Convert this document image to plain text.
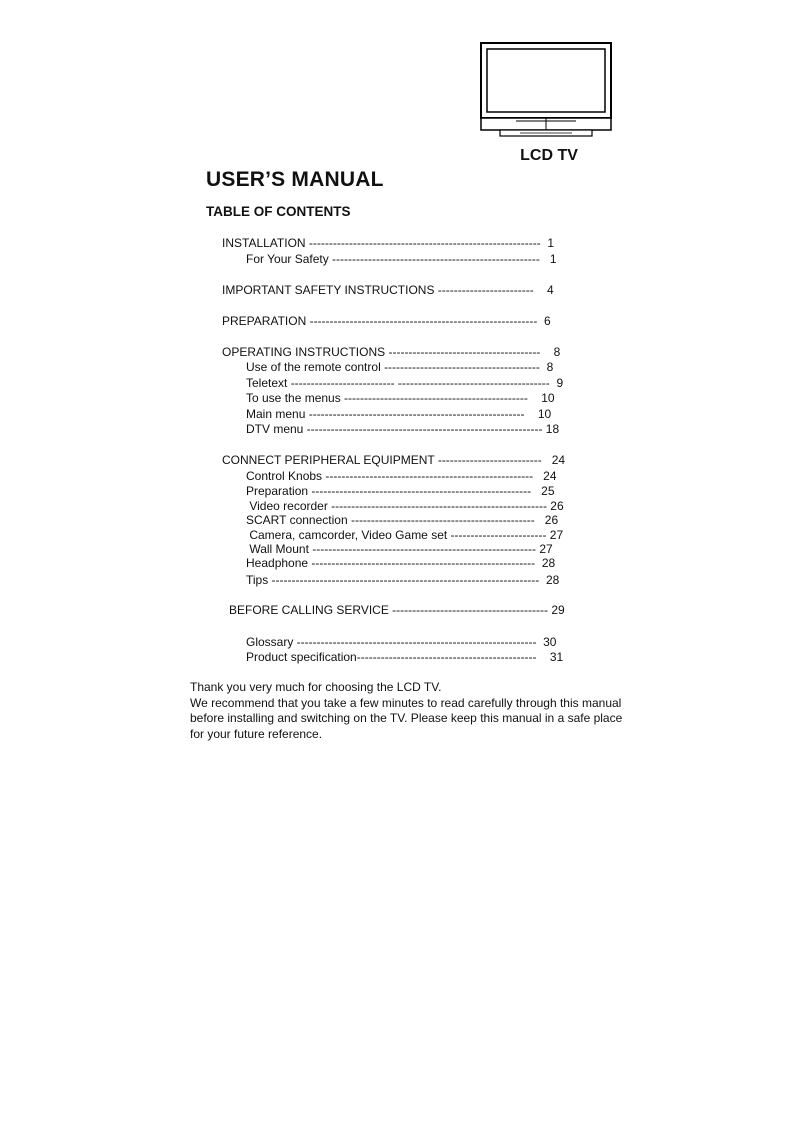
LCD TV
USER’S MANUAL
TABLE OF CONTENTS
INSTALLATION ----------------------------------------------------------  1
For Your Safety ----------------------------------------------------   1
IMPORTANT SAFETY INSTRUCTIONS ------------------------    4
PREPARATION ---------------------------------------------------------  6
OPERATING INSTRUCTIONS --------------------------------------    8
Use of the remote control ---------------------------------------  8
Teletext -------------------------- --------------------------------------  9
To use the menus ----------------------------------------------    10
Main menu ------------------------------------------------------    10
DTV menu ----------------------------------------------------------- 18
CONNECT PERIPHERAL EQUIPMENT --------------------------   24
Control Knobs ----------------------------------------------------   24
Preparation -------------------------------------------------------   25
Video recorder ------------------------------------------------------ 26
SCART connection ----------------------------------------------   26
Camera, camcorder, Video Game set ------------------------ 27
Wall Mount -------------------------------------------------------- 27
Headphone --------------------------------------------------------  28
Tips -------------------------------------------------------------------  28
BEFORE CALLING SERVICE --------------------------------------- 29
Glossary ------------------------------------------------------------  30
Product specification---------------------------------------------    31

Thank you very much for choosing the LCD TV.

We recommend that you take a few minutes to read carefully through this manual

before installing and switching on the TV. Please keep this manual in a safe place

for your future reference.
